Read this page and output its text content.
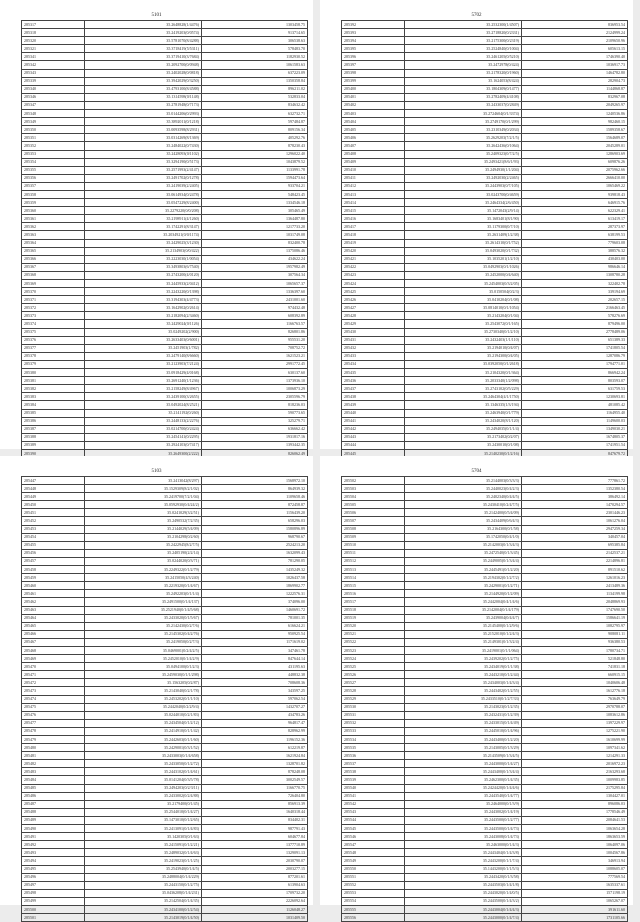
5101
285317	35.2648828(1/4476)	1303458.75
285318	35.2419203(0/0574)	913714.65
285320	35.5781070(8/4288)	306538.63
285321	35.3718419(5/5311)	578483.70
285341	35.3719410(3/7684)	1182930.52
285342	35.2092700(0/0948)	1061583.63
285343	35.2402028(0/0818)	637223.09
285339	35.3942029(0/3250)	1350358.84
285340	35.4793100(8/4588)	896211.02
285346	35.1314598(0/1148)	532833.04
285347	35.2781948(0/7173)	834632.42
285348	35.0144206(0/2993)	632732.71
285349	35.3892011(0/1218)	597484.87
285350	35.0093598(8/2931)	809156.34
285351	35.0314269(8/1369)	405292.76
285352	35.2484022(0/7430)	878230.43
285353	35.2428093(0/1102)	1296022.40
285354	35.3294190(0/5173)	1043879.52
285355	35.2571993(2/4147)	1133991.78
285356	35.2491702(0/1278)	1594473.64
285357	35.2419039(2/2405)	933704.21
285358	35.0614934(0/2478)	548423.45
285359	35.0547229(8/2400)	1334546.18
285360	35.2279220(0/0/208)	305465.49
285361	35.2198911(4/1260)	1364487.80
285362	35.1742291(8/3147)	1217733.20
285363	35.2034921(0/0/1174)	1031749.08
285364	35.2429025(3/1230)	832400.78
285365	35.2134903(0/0/422)	1375086.46
285366	35.2223030(1/0054)	434622.24
285367	35.3493803(6/7540)	1957982.49
285368	35.2743200(4/0120)	307564.34
285369	35.2445933(2/0412)	1065657.37
285370	35.2243220(0/1398)	1336397.60
285371	35.3194303(4/4773)	2431001.60
285372	35.1642902(0/2614)	974432.48
285373	35.2182094(2/3460)	608392.89
285374	35.2429024(0/1126)	1166763.57
285375	35.0249202(2/900)	826801.86
285376	35.2633403(0/6001)	955531.20
285377	35.2451903(1/782)	708752.72
285378	35.2479140(8/6660)	1621523.21
285379	35.2123903(7/2124)	2991772.45
285380	35.0918429(4/0168)	630137.60
285381	35.2691240(1/1236)	1373936.10
285382	35.2158249(8/4967)	1006873.29
285383	35.2439100(3/2655)	2305596.79
285384	35.0492024(8/2521)	818236.03
285385	35.2141192(0/260)	590773.65
285386	35.2448133(2/2276)	325279.71
285387	35.0214700(0/2424)	636662.42
285388	35.2454141(0/2295)	1931817.16
285389	35.2924103(0/7417)	1393442.35
285390	35.2649300(2/222)	826062.49

5702
285392	35.2532300(1/4507)	836953.54
285393	35.2718820(0/2331)	2124999.24
285394	35.2175300(0/2319)	2109650.96
285395	35.2524840(0/1004)	605613.15
285396	35.2461205(0/5210)	1746390.40
285397	35.2472978(0/424)	1036917.73
285398	35.2178320(0/1960)	1464782.80
285399	35.1624053(8/424)	282904.73
285400	35.1804309(0/1477)	1144868.87
285401	35.2782409(4/4108)	832967.08
285402	35.2433037(0/2849)	2049265.97
285403	35.2724604(0/1/3374)	1240536.86
285404	35.2749170(0/1/299)	982460.15
285405	35.2310349(0/2034)	1589358.67
285406	35.2629203(7/2/1/5)	1564689.07
285407	35.2642436(0/1064)	2045289.01
285408	35.2409323(0/7/2/5)	1286903.69
285409	35.2493421(8/6/1/93)	609876.26
285410	35.2494930(1/1/204)	2075962.66
285411	35.2492030(2/2465)	2666410.00
285412	35.2443903(0/7/105)	1065469.22
285413	35.0243700(0/4659)	939818.43
285414	35.2464334(2/6/450)	646915.76
285415	35.1472043(2/9/14)	622329.41
285416	35.1683401(8/1/90)	613419.17
285417	35.1179300(0/7/10)	287373.97
285418	35.2631409(1/2/38)	638199.53
285419	35.2614310(0/1/752)	779603.08
285420	35.0493020(0/1/732)	388576.32
285421	35.1035201(1/2/10)	430403.00
285422	35.0492903(0/1/1026)	986646.14
285423	35.2452000(0/4/640)	1308780.28
285424	35.2454003(0/3/2/05)	322402.78
285425	35.0150504(0/2/3)	339194.69
285426	35.0410204(0/1/08)	202657.15
285427	35.0814010(0/1/1054)	2166463.45
285428	35.2143204(0/1/04)	578276.69
285429	35.2543072(0/1/165)	879496.00
285430	35.2730340(0/1/2/10)	2778489.06
285431	35.2432403(1/1/110)	651389.33
285432	35.2194010(0/4/07)	1741805.54
285433	35.2194300(0/4/05)	1287086.79
285434	35.0392050(0/1/2618)	1794771.01
285435	35.2104320(0/1/364)	866942.24
285436	35.2033340(1/2/098)	803593.07
285437	35.2743102(0/5/229)	631759.53
285438	35.2464304(4/1/1750)	1230693.81
285439	35.1346335(1/3/194)	481085.42
285440	35.2463940(0/1/779)	1164955.40
285441	35.2434020(8/1/120)	1149600.03
285442	35.2494035(0/1/1/4)	1349030.21
285443	35.2173402(0/2/07)	1674805.37
285444	35.2430010(0/1/08)	1741951.54
285445	35.2140230(0/1/2/16)	847679.72

5103
285447	35.2413042(8/297)	1568972.10
285448	35.1529309(8/2/1/02)	864939.32
285449	35.2419700(7/2/1/04)	1109658.46
285450	35.0592930(0/4/24/2)	872458.87
285451	35.0241029(3/2/51)	1156439.20
285452	35.2490532(7/2/35)	658296.03
285453	35.2144029(5/4/09)	1580896.89
285454	35.2104298(0/2/60)	968790.67
285455	35.2422945(8/2/7/5)	2524213.20
285456	35.2405190(2/2/14)	1632099.43
285457	35.0244020(0/3/71)	781290.05
285458	35.2249322(0/1/2/79)	1435249.32
285459	35.2415050(4/3/240)	1026437.58
285460	35.2219320(0/1/4/67)	1869902.77
285461	35.2492203(0/1/1/4)	1222576.31
285462	35.2491500(0/1/4/137)	374096.00
285463	35.2521940(0/1/4/5/68)	1460691.72
285464	35.2433020(0/1/5/67)	781001.35
285465	35.2142430(0/2/7/6)	616624.21
285466	35.2145302(0/4/2/76)	950925.54
285467	35.2419050(0/2/7/3)	1171619.02
285468	35.0469001(0/2/4/2/5)	347461.78
285469	35.2452010(0/1/4/2/9)	847644.14
285470	35.0494100(0/1/2/3)	431195.63
285471	35.2459030(0/1/1/298)	448832.38
285472	35.1563205(0/2/87)	708608.36
285473	35.2143040(0/2/1/78)	343597.25
285474	35.2453202(0/1/1/10)	597062.54
285475	35.2442040(0/2/2/9/4)	1432707.27
285476	35.0244010(0/2/1/83)	434783.26
285477	35.2434504(0/1/2/12)	964817.47
285478	35.2414910(0/1/1/42)	828962.99
285479	35.2442603(0/1/1/60)	1196152.36
285480	35.2429001(0/3/1/52)	612219.87
285481	35.2433003(0/1/4/658)	1621924.84
285482	35.2433050(0/1/2/72)	1328701.82
285483	35.2443102(0/1/4/61)	878248.08
285484	35.0141204(0/3/5/78)	3002549.57
285485	35.2494203(0/2/3/11)	1166770.75
285486	35.2433002(0/2/4/88)	726404.80
285487	35.2179400(0/1/45)	856913.39
285488	35.2544010(0/1/4/27)	1640318.44
285489	35.1473010(0/1/2/65)	834402.31
285490	35.2413091(0/1/4/83)	987791.43
285491	35.1420305(0/1/63)	604677.84
285492	35.2415091(0/1/2/21)	1377710.89
285493	35.2489032(0/1/4/63)	1329091.13
285494	35.2419023(0/1/1/25)	2030790.07
285495	35.2543940(0/1/4/5)	2003277.15
285496	35.2488004(0/1/4/229)	877201.61
285497	35.2443150(0/1/2/75)	613904.63
285498	35.0436208(0/1/4/231)	1709732.20
285499	35.2142504(0/1/4/35)	2226092.64
285500	35.2434100(0/1/2/54)	1126048.27
285501	35.2143019(0/1/4/50)	1031409.50
5704
285502	35.2144003(0/3/3/3)	777861.72
285503	35.2440023(0/4/2/3)	1352380.54
285504	35.2402340(0/4/4/5)	386492.14
285505	35.2430410(0/2/4/7/5)	1470294.57
285506	35.2142400(0/5/4/09)	2301446.23
285507	35.2434409(0/6/4/3)	1061276.04
285508	35.2164300(0/1/58)	2947259.34
285509	35.1742050(0/4/1/0)	340457.04
285510	35.2142003(0/1/3/4/3)	695385.84
285511	35.2472540(0/1/3/45)	2142537.21
285512	35.2449005(0/1/3/4/4)	2214896.81
285513	35.2445491(0/1/2/20)	891510.62
285514	35.2194302(0/1/2/7/2)	1261016.23
285515	35.2429001(0/1/2/71)	2413489.36
285516	35.2144920(0/1/2/09)	1134199.98
285517	35.2442004(0/4/1/4/6)	2048869.93
285518	35.2142004(0/1/4/179)	1747690.50
285519	35.2439004(0/4/4/7)	1586641.19
285520	35.2145400(0/1/2/9/6)	1082795.97
285521	35.2152010(0/1/2/4/3)	908081.11
285522	35.2149301(0/1/3/2/4)	936380.53
285523	35.2419001(0/1/1/064)	1780734.71
285524	35.2439202(0/1/2/75)	521848.80
285525	35.2434019(0/1/1/38)	741831.18
285526	35.2443210(0/1/2/44)	660915.15
285527	35.2434003(0/1/4/3/4)	1040606.48
285528	35.2443402(0/1/2/55)	1612776.18
285529	35.2433510(0/1/2/7/33)	763649.79
285530	35.2143023(0/1/2/35)	2970788.07
285531	35.2432431(0/1/2/39)	1083612.86
285532	35.2433015(0/1/4/49)	1397229.97
285533	35.2445010(0/1/4/96)	1275221.90
285534	35.2443400(0/1/2/20)	1610699.99
285535	35.2143005(0/1/3/29)	1097341.62
285536	35.2143509(0/1/3/4/5)	1214291.33
285537	35.2443000(0/1/4/27)	2016972.23
285538	35.2443400(0/1/3/4/4)	2163293.68
285539	35.2462300(0/1/4/35)	1009983.85
285540	35.2424420(0/1/4/4/6)	2175295.84
285541	35.2443540(0/1/4/77)	1304427.01
285542	35.2464000(0/1/3/9)	896086.03
285543	35.2443002(0/1/4/19)	1778546.49
285544	35.2443500(0/1/2/77)	2084641.53
285545	35.2443500(0/1/4/73)	1063654.28
285546	35.2443008(0/1/4/73)	1863653.59
285547	35.2463000(0/1/4/3)	1064097.06
285548	35.2443404(0/1/4/3/8)	1004567.86
285549	35.2443200(0/1/1/7/4)	346913.94
285550	35.1443200(0/1/1/5/3)	1088605.07
285551	35.2443420(0/1/3/58)	777569.54
285552	35.2443503(0/1/4/1/8)	1635337.61
285553	35.2443020(0/1/4/0/5)	1571198.19
285554	35.2443500(0/1/4/3/2)	1065267.07
285555	35.2443004(0/1/4/4/3)	391611.60
285556	35.2443000(0/1/4/7/4)	1731105.66
